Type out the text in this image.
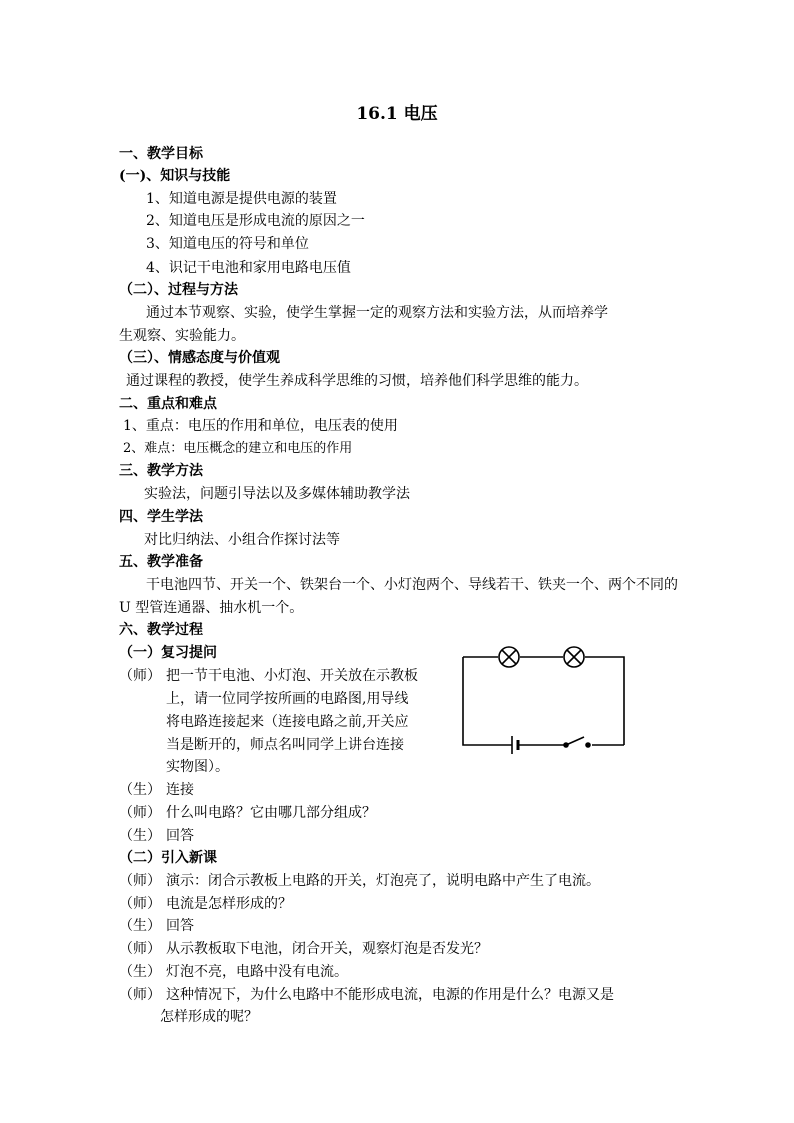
16.1 电压
一、教学目标
(一)、知识与技能
1、知道电源是提供电源的装置
2、知道电压是形成电流的原因之一
3、知道电压的符号和单位
4、识记干电池和家用电路电压值
（二）、过程与方法
通过本节观察、实验，使学生掌握一定的观察方法和实验方法，从而培养学
生观察、实验能力。
（三）、情感态度与价值观
通过课程的教授，使学生养成科学思维的习惯，培养他们科学思维的能力。
二、重点和难点
1、重点：电压的作用和单位，电压表的使用
2、难点：电压概念的建立和电压的作用
三、教学方法
实验法，问题引导法以及多媒体辅助教学法
四、学生学法
对比归纳法、小组合作探讨法等
五、教学准备
干电池四节、开关一个、铁架台一个、小灯泡两个、导线若干、铁夹一个、两个不同的
U 型管连通器、抽水机一个。
六、教学过程
（一）复习提问
（师） 把一节干电池、小灯泡、开关放在示教板
上，请一位同学按所画的电路图,用导线
将电路连接起来（连接电路之前,开关应
当是断开的，师点名叫同学上讲台连接
实物图）。
（生） 连接
（师） 什么叫电路？它由哪几部分组成？
（生） 回答
（二）引入新课
（师） 演示：闭合示教板上电路的开关，灯泡亮了，说明电路中产生了电流。
（师） 电流是怎样形成的？
（生） 回答
（师） 从示教板取下电池，闭合开关，观察灯泡是否发光？
（生） 灯泡不亮，电路中没有电流。
（师） 这种情况下，为什么电路中不能形成电流，电源的作用是什么？电源又是
怎样形成的呢？
